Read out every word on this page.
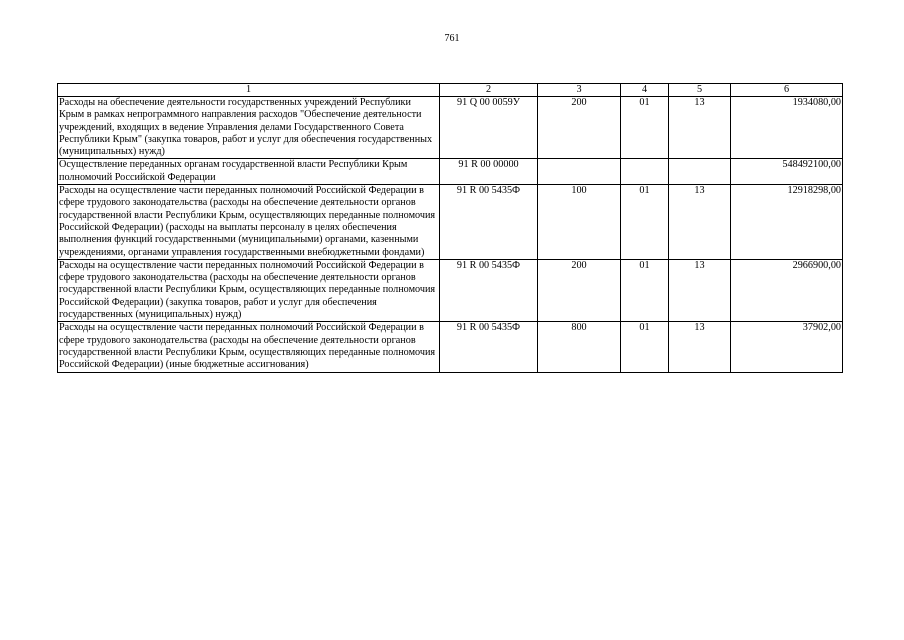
761
1	2	3	4	5	6
Расходы на обеспечение деятельности государственных учреждений Республики Крым в рамках непрограммного направления расходов "Обеспечение деятельности учреждений, входящих в ведение Управления делами Государственного Совета Республики Крым" (закупка товаров, работ и услуг для обеспечения государственных (муниципальных) нужд)	91 Q 00 0059У	200	01	13	1934080,00
Осуществление переданных органам государственной власти Республики Крым полномочий Российской Федерации	91 R 00 00000				548492100,00
Расходы на осуществление части переданных полномочий Российской Федерации в сфере трудового законодательства (расходы на обеспечение деятельности органов государственной власти Республики Крым, осуществляющих переданные полномочия Российской Федерации) (расходы на выплаты персоналу в целях обеспечения выполнения функций государственными (муниципальными) органами, казенными учреждениями, органами управления государственными внебюджетными фондами)	91 R 00 5435Ф	100	01	13	12918298,00
Расходы на осуществление части переданных полномочий Российской Федерации в сфере трудового законодательства (расходы на обеспечение деятельности органов государственной власти Республики Крым, осуществляющих переданные полномочия Российской Федерации) (закупка товаров, работ и услуг для обеспечения государственных (муниципальных) нужд)	91 R 00 5435Ф	200	01	13	2966900,00
Расходы на осуществление части переданных полномочий Российской Федерации в сфере трудового законодательства (расходы на обеспечение деятельности органов государственной власти Республики Крым, осуществляющих переданные полномочия Российской Федерации) (иные бюджетные ассигнования)	91 R 00 5435Ф	800	01	13	37902,00
